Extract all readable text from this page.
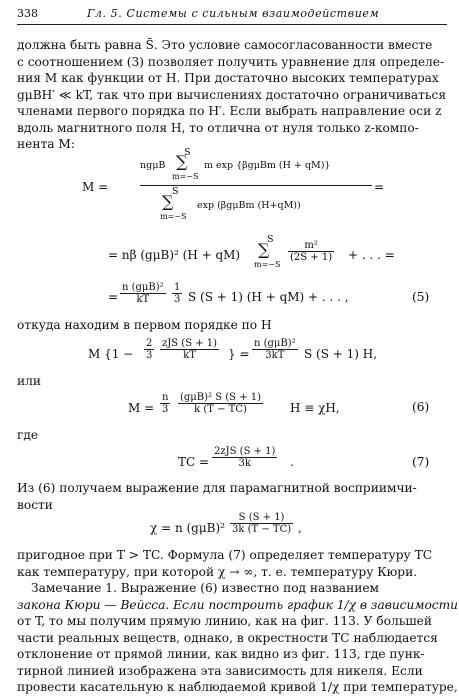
338	Гл. 5. Системы с сильным взаимодействием
должна быть равна S̄. Это условие самосогласованности вместе
с соотношением (3) позволяет получить уравнение для определе-
ния M как функции от H. При достаточно высоких температурах
gμBH′ ≪ kT, так что при вычислениях достаточно ограничиваться
членами первого порядка по H′. Если выбрать направление оси z
вдоль магнитного поля H, то отлична от нуля только z-компо-
нента M:
M =
ngμB
S
∑
m=−S
m exp {βgμBm (H + qM)}
S
∑
m=−S
exp (βgμBm (H+qM))
=
= nβ (gμB)² (H + qM)
S
∑
m=−S
$\frac{\text{m²}}{(2S + 1)}$ + . . . =
=
n (gμB)²
kT	$\frac{1}{3}$ S (S + 1) (H + qM) + . . . ,	(5)
откуда находим в первом порядке по H
M {$1 - \frac{2}{3}$ zJS (S + 1)
kT	} =
n (gμB)²
3kT	S (S + 1) H,
или
$M = \frac{n}{3} (g\mu B)^2$ S (S + 1)
k (T − TC)	H ≡ χH,	(6)
где
TC =
2zJS (S + 1)
3k	.	(7)
Из (6) получаем выражение для парамагнитной восприимчи-
вости
χ = n $(g\mu B)^2 \frac{S (S + 1)}{3k (T - TC)}$ ,
пригодное при T > TC. Формула (7) определяет температуру TC
как температуру, при которой χ → ∞, т. е. температуру Кюри.
Замечание 1. Выражение (6) известно под названием
закона Кюри — Вейсса. Если построить график 1/χ в зависимости
от T, то мы получим прямую линию, как на фиг. 113. У большей
части реальных веществ, однако, в окрестности TC наблюдается
отклонение от прямой линии, как видно из фиг. 113, где пунк-
тирной линией изображена эта зависимость для никеля. Если
провести касательную к наблюдаемой кривой 1/χ при температуре,
